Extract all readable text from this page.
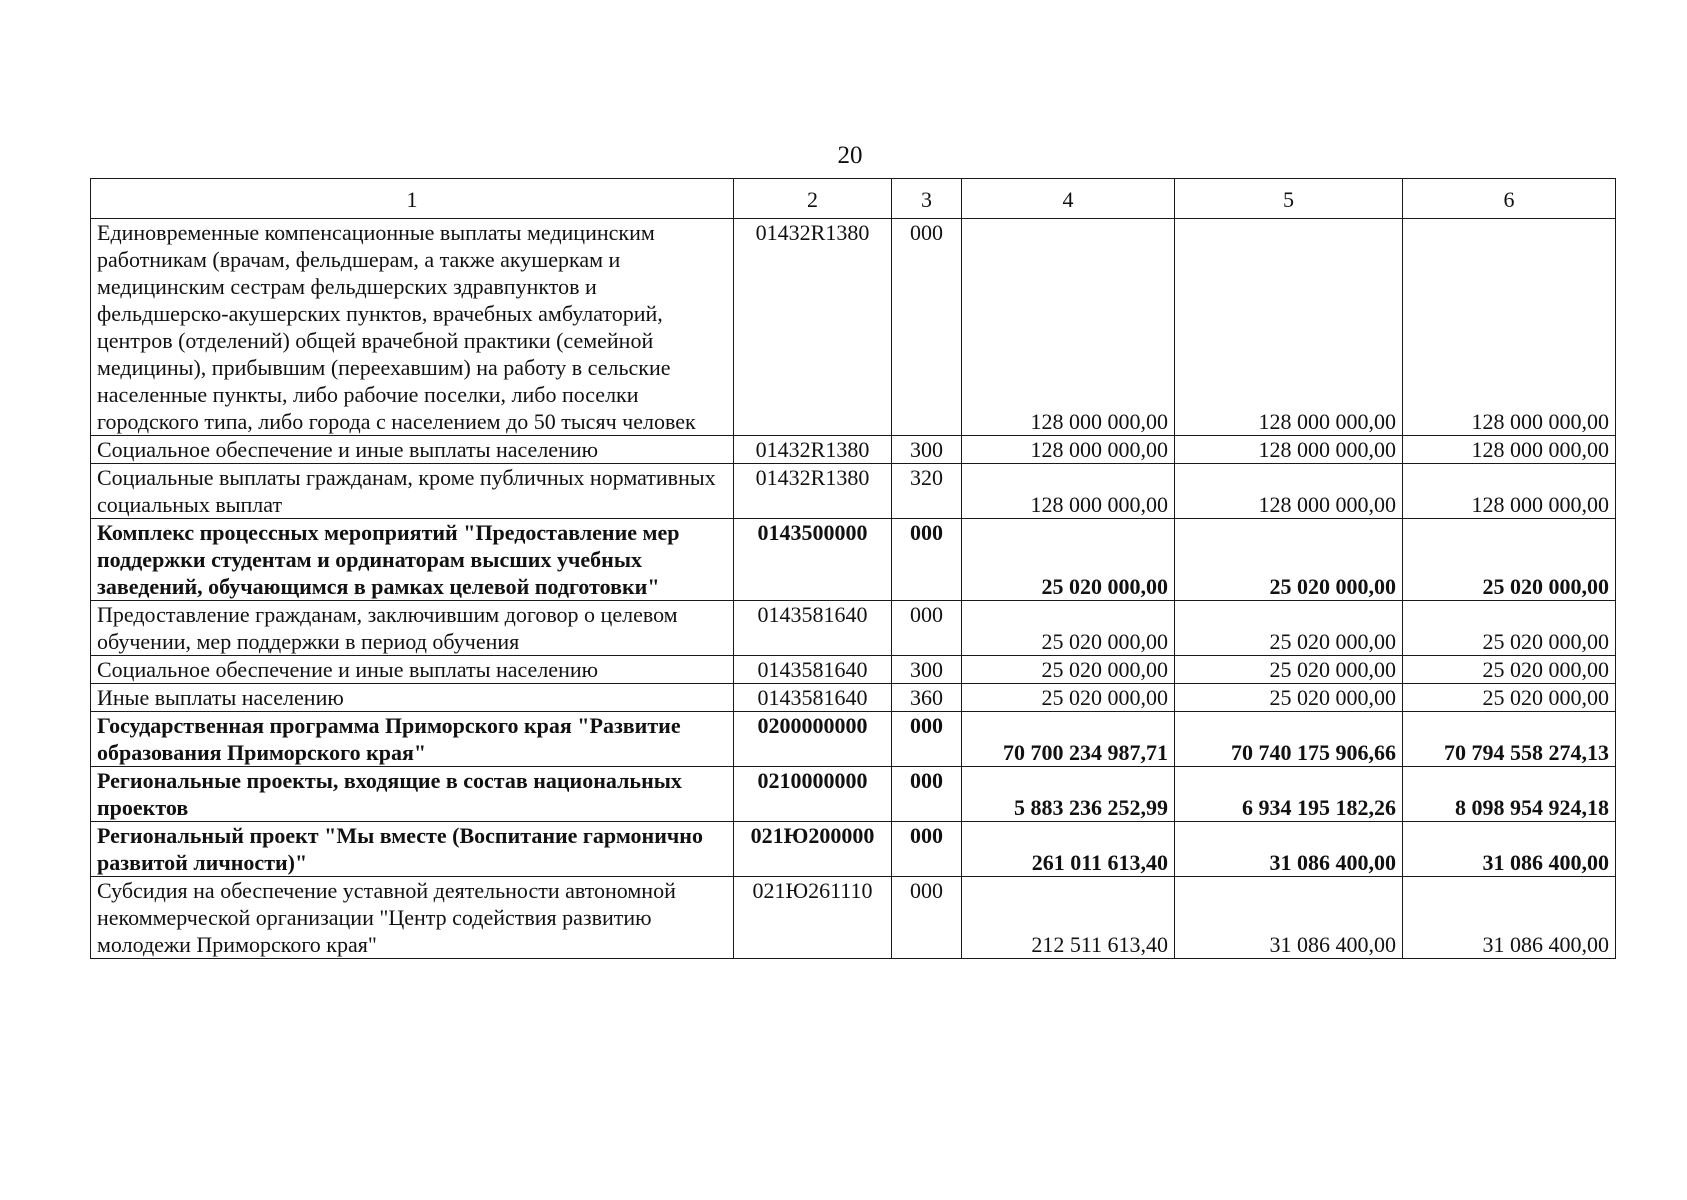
20
1	2	3	4	5	6
Единовременные компенсационные выплаты медицинским работникам (врачам, фельдшерам, а также акушеркам и медицинским сестрам фельдшерских здравпунктов и фельдшерско-акушерских пунктов, врачебных амбулаторий, центров (отделений) общей врачебной практики (семейной медицины), прибывшим (переехавшим) на работу в сельские населенные пункты, либо рабочие поселки, либо поселки городского типа, либо города с населением до 50 тысяч человек	01432R1380	000	128 000 000,00	128 000 000,00	128 000 000,00
Социальное обеспечение и иные выплаты населению	01432R1380	300	128 000 000,00	128 000 000,00	128 000 000,00
Социальные выплаты гражданам, кроме публичных нормативных социальных выплат	01432R1380	320	128 000 000,00	128 000 000,00	128 000 000,00
Комплекс процессных мероприятий "Предоставление мер поддержки студентам и ординаторам высших учебных заведений, обучающимся в рамках целевой подготовки"	0143500000	000	25 020 000,00	25 020 000,00	25 020 000,00
Предоставление гражданам, заключившим договор о целевом обучении, мер поддержки в период обучения	0143581640	000	25 020 000,00	25 020 000,00	25 020 000,00
Социальное обеспечение и иные выплаты населению	0143581640	300	25 020 000,00	25 020 000,00	25 020 000,00
Иные выплаты населению	0143581640	360	25 020 000,00	25 020 000,00	25 020 000,00
Государственная программа Приморского края "Развитие образования Приморского края"	0200000000	000	70 700 234 987,71	70 740 175 906,66	70 794 558 274,13
Региональные проекты, входящие в состав национальных проектов	0210000000	000	5 883 236 252,99	6 934 195 182,26	8 098 954 924,18
Региональный проект "Мы вместе (Воспитание гармонично развитой личности)"	021Ю200000	000	261 011 613,40	31 086 400,00	31 086 400,00
Субсидия на обеспечение уставной деятельности автономной некоммерческой организации "Центр содействия развитию молодежи Приморского края"	021Ю261110	000	212 511 613,40	31 086 400,00	31 086 400,00
